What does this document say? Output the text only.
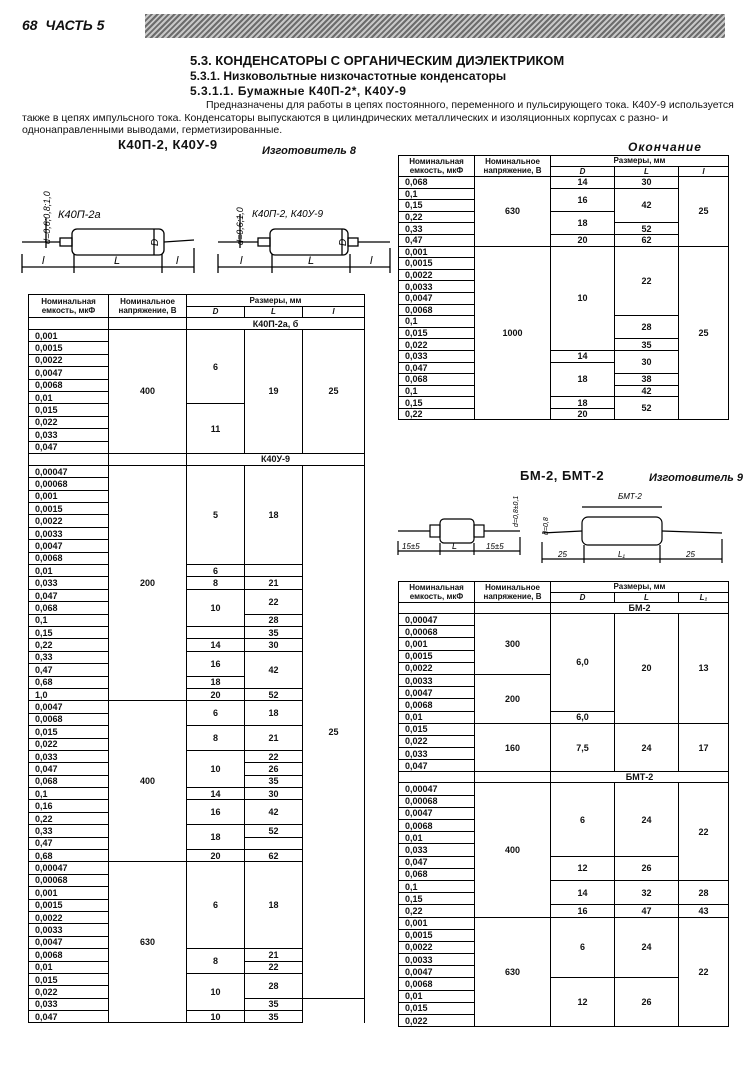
68 ЧАСТЬ 5
5.3. КОНДЕНСАТОРЫ С ОРГАНИЧЕСКИМ ДИЭЛЕКТРИКОМ
5.3.1. Низковольтные низкочастотные конденсаторы
5.3.1.1. Бумажные К40П-2*, К40У-9
Предназначены для работы в цепях постоянного, переменного и пульсирующего тока. К40У-9 используется также в цепях импульсного тока. Конденсаторы выпускаются в цилиндрических металлических и изоляционных корпусах с разно- и однонаправленными выводами, герметизированные.
К40П-2, К40У-9	Изготовитель 8	Окончание
К40П-2а	К40П-2, К40У-9
d=0,6;0,8;1,0	d=0,6;1,0
D	D
l	L	l	l	L	l
Номинальная емкость, мкФ	Номинальное напряжение, В	Размеры, мм			
		D	L	l	
		К40П-2а, б			
0,001	400	6	19	25	
0,0015					
0,0022					
0,0047					
0,0068					
0,01					
0,015		11			
0,022					
0,033					
0,047					
		К40У-9			
0,00047	200	5	18	25	
0,00068					
0,001					
0,0015					
0,0022					
0,0033					
0,0047					
0,0068					
0,01		6			
0,033		8	21		
0,047		10	22		
0,068					
0,1			28		
0,15			35		
0,22		14	30		
0,33		16	42		
0,47					
0,68		18			
1,0		20	52		
0,0047	400	6	18		
0,0068					
0,015		8	21		
0,022					
0,033		10	22		
0,047			26		
0,068			35		
0,1		14	30		
0,16		16	42		
0,22					
0,33		18	52		
0,47					
0,68		20	62		
0,00047	630	6	18		
0,00068					
0,001					
0,0015					
0,0022					
0,0033					
0,0047					
0,0068		8	21		
0,01			22		
0,015		10	28		
0,022					
0,033			35		
0,047		10	35		
Номинальная емкость, мкФ	Номинальное напряжение, В	Размеры, мм		
		D	L	l
0,068	630	14	30	25
0,1		16	42	
0,15				
0,22		18		
0,33			52	
0,47		20	62	
0,001	1000	10	22	25
0,0015				
0,0022				
0,0033				
0,0047				
0,0068				
0,1			28	
0,015				
0,022			35	
0,033		14	30	
0,047		18		
0,068			38	
0,1			42	
0,15		18	52	
0,22		20		
БМ-2, БМТ-2	Изготовитель 9
15±5	L	15±5
25	L₁	25
БМТ-2
d=0,8±0,1	d=0,8
Номинальная емкость, мкФ	Номинальное напряжение, В	Размеры, мм		
		D	L	L₁
		БМ-2		
0,00047	300	6,0	20	13
0,00068				
0,001				
0,0015				
0,0022				
0,0033	200			
0,0047				
0,0068				
0,01		6,0		
0,015	160	7,5	24	17
0,022				
0,033				
0,047				
		БМТ-2		
0,00047	400	6	24	22
0,00068				
0,0047				
0,0068				
0,01				
0,033				
0,047		12	26	
0,068				
0,1		14	32	28
0,15				
0,22		16	47	43
0,001	630	6	24	22
0,0015				
0,0022				
0,0033				
0,0047				
0,0068		12	26	
0,01				
0,015				
0,022				
